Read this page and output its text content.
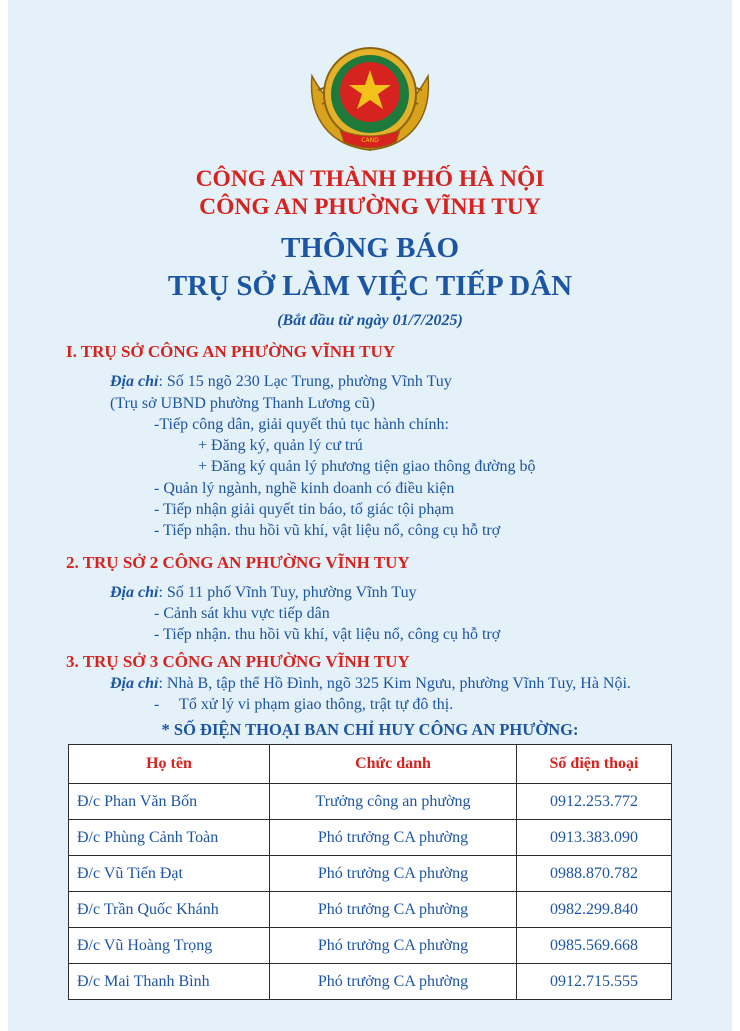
CAND
CÔNG AN THÀNH PHỐ HÀ NỘI
CÔNG AN PHƯỜNG VĨNH TUY
THÔNG BÁO
TRỤ SỞ LÀM VIỆC TIẾP DÂN
(Bắt đầu từ ngày 01/7/2025)
I. TRỤ SỞ CÔNG AN PHƯỜNG VĨNH TUY
Địa chỉ: Số 15 ngõ 230 Lạc Trung, phường Vĩnh Tuy
(Trụ sở UBND phường Thanh Lương cũ)
-Tiếp công dân, giải quyết thủ tục hành chính:
+ Đăng ký, quản lý cư trú
+ Đăng ký quản lý phương tiện giao thông đường bộ
- Quản lý ngành, nghề kinh doanh có điều kiện
- Tiếp nhận giải quyết tin báo, tố giác tội phạm
- Tiếp nhận. thu hồi vũ khí, vật liệu nổ, công cụ hỗ trợ
2. TRỤ SỞ 2 CÔNG AN PHƯỜNG VĨNH TUY
Địa chỉ: Số 11 phố Vĩnh Tuy, phường Vĩnh Tuy
- Cảnh sát khu vực tiếp dân
- Tiếp nhận. thu hồi vũ khí, vật liệu nổ, công cụ hỗ trợ
3. TRỤ SỞ 3 CÔNG AN PHƯỜNG VĨNH TUY
Địa chỉ: Nhà B, tập thể Hồ Đình, ngõ 325 Kim Ngưu, phường Vĩnh Tuy, Hà Nội.
-     Tổ xử lý vi phạm giao thông, trật tự đô thị.
* SỐ ĐIỆN THOẠI BAN CHỈ HUY CÔNG AN PHƯỜNG:
Họ tên	Chức danh	Số điện thoại
Đ/c Phan Văn Bốn	Trưởng công an phường	0912.253.772
Đ/c Phùng Cảnh Toàn	Phó trưởng CA phường	0913.383.090
Đ/c Vũ Tiến Đạt	Phó trưởng CA phường	0988.870.782
Đ/c Trần Quốc Khánh	Phó trưởng CA phường	0982.299.840
Đ/c Vũ Hoàng Trọng	Phó trưởng CA phường	0985.569.668
Đ/c Mai Thanh Bình	Phó trưởng CA phường	0912.715.555
